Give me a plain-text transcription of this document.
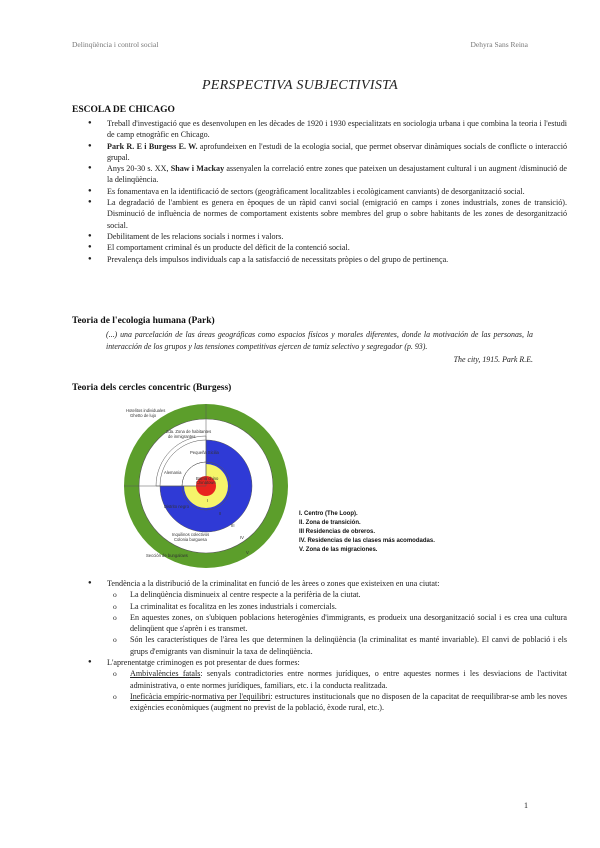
Delinqüència i control social	Dehyra Sans Reina
PERSPECTIVA SUBJECTIVISTA
ESCOLA DE CHICAGO
● Treball d'investigació que es desenvolupen en les dècades de 1920 i 1930 especialitzats en sociologia urbana i que combina la teoria i l'estudi de camp etnogràfic en Chicago.
● Park R. E i Burgess E. W. aprofundeixen en l'estudi de la ecologia social, que permet observar dinàmiques socials de conflicte o interacció grupal.
● Anys 20-30 s. XX, Shaw i Mackay assenyalen la correlació entre zones que pateixen un desajustament cultural i un augment /disminució de la delinqüència.
● Es fonamentava en la identificació de sectors (geogràficament localitzables i ecològicament canviants) de desorganització social.
● La degradació de l'ambient es genera en èpoques de un ràpid canvi social (emigració en camps i zones industrials, zones de transició). Disminució de influència de normes de comportament existents sobre membres del grup o sobre habitants de les zones de desorganització social.
● Debilitament de les relacions socials i normes i valors.
● El comportament criminal és un producte del dèficit de la contenció social.
● Prevalença dels impulsos individuals cap a la satisfacció de necessitats pròpies o del grupo de pertinença.
Teoria de l'ecologia humana (Park)
(...) una parcelación de las áreas geográficas como espacios físicos y morales diferentes, donde la motivación de las personas, la interacción de los grupos y las tensiones competitivas ejercen de tamiz selectivo y segregador (p. 93).
The city, 1915. Park R.E.
Teoria dels cercles concentric (Burgess)
Hotelitos individuales
Ghetto de lujo
2da. Zona de habitantes
de inmigrantes
Pequeña Sicilia
Alemania
Barrio chino
Chinatown
Distrito negro
Inquilinos colectivos
Colonia burguesa
Sección de bungalows
I
II
III
IV
V
I. Centro (The Loop).
II. Zona de transición.
III Residencias de obreros.
IV. Residencias de las clases más acomodadas.
V. Zona de las migraciones.
● Tendència a la distribució de la criminalitat en funció de les àrees o zones que existeixen en una ciutat:
o La delinqüència disminueix al centre respecte a la perifèria de la ciutat.
o La criminalitat es focalitza en les zones industrials i comercials.
o En aquestes zones, on s'ubiquen poblacions heterogènies d'immigrants, es produeix una desorganització social i es crea una cultura delinqüent que s'aprèn i es transmet.
o Són les característiques de l'àrea les que determinen la delinqüència (la criminalitat es manté invariable). El canvi de població i els grups d'emigrants van disminuir la taxa de delinqüència.
● L'aprenentatge criminogen es pot presentar de dues formes:
o Ambivalències fatals: senyals contradictories entre normes jurídiques, o entre aquestes normes i les desviacions de l'activitat administrativa, o ente normes jurídiques, familiars, etc. i la conducta realitzada.
o Ineficàcia empíric-normativa per l'equilibri: estructures institucionals que no disposen de la capacitat de reequilibrar-se amb les noves exigències econòmiques (augment no previst de la població, èxode rural, etc.).
1
